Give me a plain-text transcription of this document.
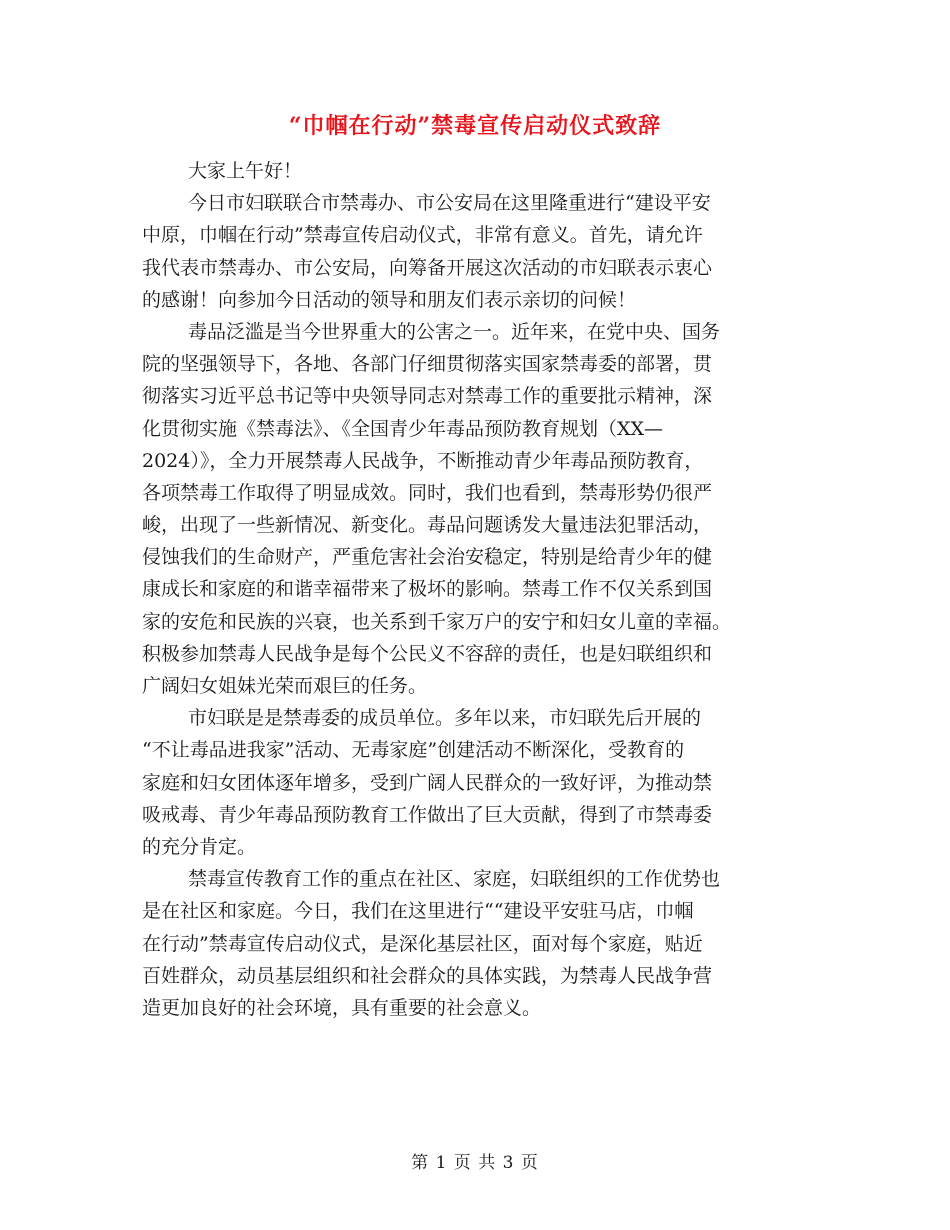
“巾帼在行动”禁毒宣传启动仪式致辞
大家上午好！
今日市妇联联合市禁毒办、市公安局在这里隆重进行“建设平安
中原，巾帼在行动”禁毒宣传启动仪式，非常有意义。首先，请允许
我代表市禁毒办、市公安局，向筹备开展这次活动的市妇联表示衷心
的感谢！向参加今日活动的领导和朋友们表示亲切的问候！
毒品泛滥是当今世界重大的公害之一。近年来，在党中央、国务
院的坚强领导下，各地、各部门仔细贯彻落实国家禁毒委的部署，贯
彻落实习近平总书记等中央领导同志对禁毒工作的重要批示精神，深
化贯彻实施《禁毒法》、《全国青少年毒品预防教育规划（XX—
2024）》，全力开展禁毒人民战争，不断推动青少年毒品预防教育，
各项禁毒工作取得了明显成效。同时，我们也看到，禁毒形势仍很严
峻，出现了一些新情况、新变化。毒品问题诱发大量违法犯罪活动，
侵蚀我们的生命财产，严重危害社会治安稳定，特别是给青少年的健
康成长和家庭的和谐幸福带来了极坏的影响。禁毒工作不仅关系到国
家的安危和民族的兴衰，也关系到千家万户的安宁和妇女儿童的幸福。
积极参加禁毒人民战争是每个公民义不容辞的责任，也是妇联组织和
广阔妇女姐妹光荣而艰巨的任务。
市妇联是是禁毒委的成员单位。多年以来，市妇联先后开展的
“不让毒品进我家”活动、无毒家庭”创建活动不断深化，受教育的
家庭和妇女团体逐年增多，受到广阔人民群众的一致好评，为推动禁
吸戒毒、青少年毒品预防教育工作做出了巨大贡献，得到了市禁毒委
的充分肯定。
禁毒宣传教育工作的重点在社区、家庭，妇联组织的工作优势也
是在社区和家庭。今日，我们在这里进行““建设平安驻马店，巾帼
在行动”禁毒宣传启动仪式，是深化基层社区，面对每个家庭，贴近
百姓群众，动员基层组织和社会群众的具体实践，为禁毒人民战争营
造更加良好的社会环境，具有重要的社会意义。
第 1 页 共 3 页
